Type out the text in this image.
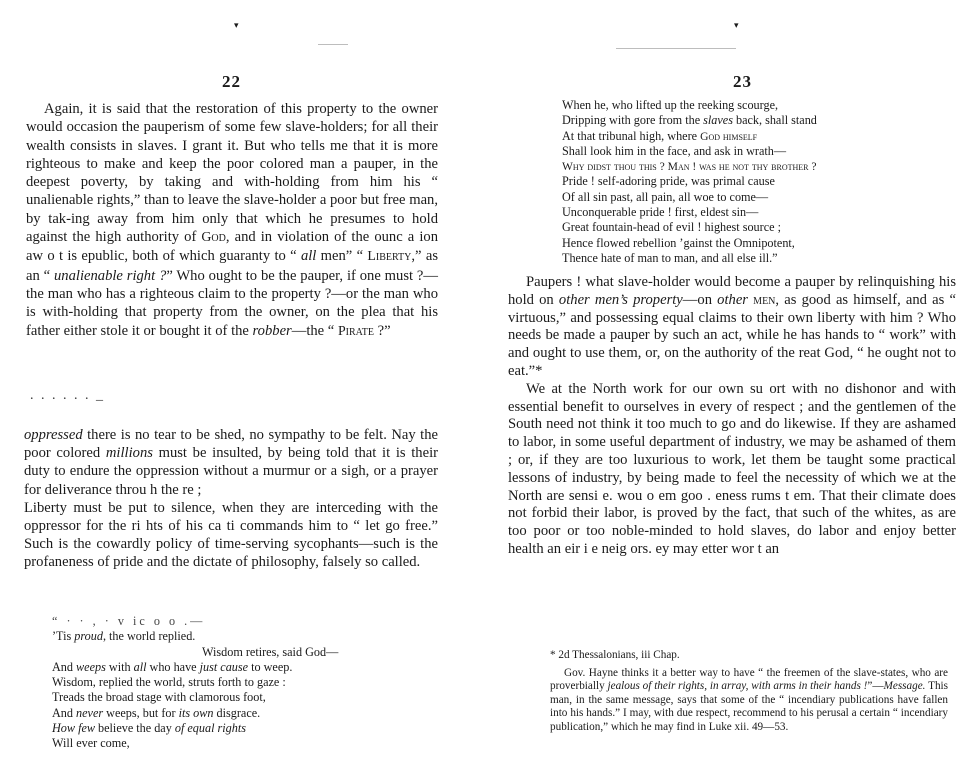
▾
22

Again, it is said that the restoration of this property to the owner would occasion the pauperism of some few slave-holders; for all their wealth consists in slaves. I grant it. But who tells me that it is more righteous to make and keep the poor colored man a pauper, in the deepest poverty, by taking and with-holding from him his “ unalienable rights,” than to leave the slave-holder a poor but free man, by tak-ing away from him only that which he presumes to hold against the high authority of God, and in violation of the ounc a ion aw o t is epublic, both of which guaranty to “ all men” “ Liberty,” as an “ unalienable right ?” Who ought to be the pauper, if one must ?—the man who has a righteous claim to the property ?—or the man who is with-holding that property from the owner, on the plea that his father either stole it or bought it of the robber—the “ Pirate ?”

. . . . . . _

oppressed there is no tear to be shed, no sympathy to be felt. Nay the poor colored millions must be insulted, by being told that it is their duty to endure the oppression without a murmur or a sigh, or a prayer for deliverance throu h the re ;

Liberty must be put to silence, when they are interceding with the oppressor for the ri hts of his ca ti commands him to “ let go free.” Such is the cowardly policy of time-serving sycophants—such is the profaneness of pride and the dictate of philosophy, falsely so called.

“ · · , · v ic o o .—
’Tis proud, the world replied.
Wisdom retires, said God—
And weeps with all who have just cause to weep.
Wisdom, replied the world, struts forth to gaze :
Treads the broad stage with clamorous foot,
And never weeps, but for its own disgrace.
How few believe the day of equal rights
Will ever come,
▾
23
When he, who lifted up the reeking scourge,
Dripping with gore from the slaves back, shall stand
At that tribunal high, where God himself
Shall look him in the face, and ask in wrath—
Why didst thou this ? Man ! was he not thy brother ?
Pride ! self-adoring pride, was primal cause
Of all sin past, all pain, all woe to come—
Unconquerable pride ! first, eldest sin—
Great fountain-head of evil ! highest source ;
Hence flowed rebellion ’gainst the Omnipotent,
Thence hate of man to man, and all else ill.”

Paupers ! what slave-holder would become a pauper by relinquishing his hold on other men’s property—on other men, as good as himself, and as “ virtuous,” and possessing equal claims to their own liberty with him ? Who needs be made a pauper by such an act, while he has hands to “ work” with and ought to use them, or, on the authority of the reat God, “ he ought not to eat.”*

We at the North work for our own su ort with no dishonor and with essential benefit to ourselves in every of respect ; and the gentlemen of the South need not think it too much to go and do likewise. If they are ashamed to labor, in some useful department of industry, we may be ashamed of them ; or, if they are too luxurious to work, let them be taught some practical lessons of industry, by being made to feel the necessity of which we at the North are sensi e. wou o em goo . eness rums t em. That their climate does not forbid their labor, is proved by the fact, that such of the whites, as are too poor or too noble-minded to hold slaves, do labor and enjoy better health an eir i e neig ors. ey may etter wor t an

* 2d Thessalonians, iii Chap.

Gov. Hayne thinks it a better way to have “ the freemen of the slave-states, who are proverbially jealous of their rights, in array, with arms in their hands !”—Message. This man, in the same message, says that some of the “ incendiary publications have fallen into his hands.” I may, with due respect, recommend to his perusal a certain “ incendiary publication,” which he may find in Luke xii. 49—53.
